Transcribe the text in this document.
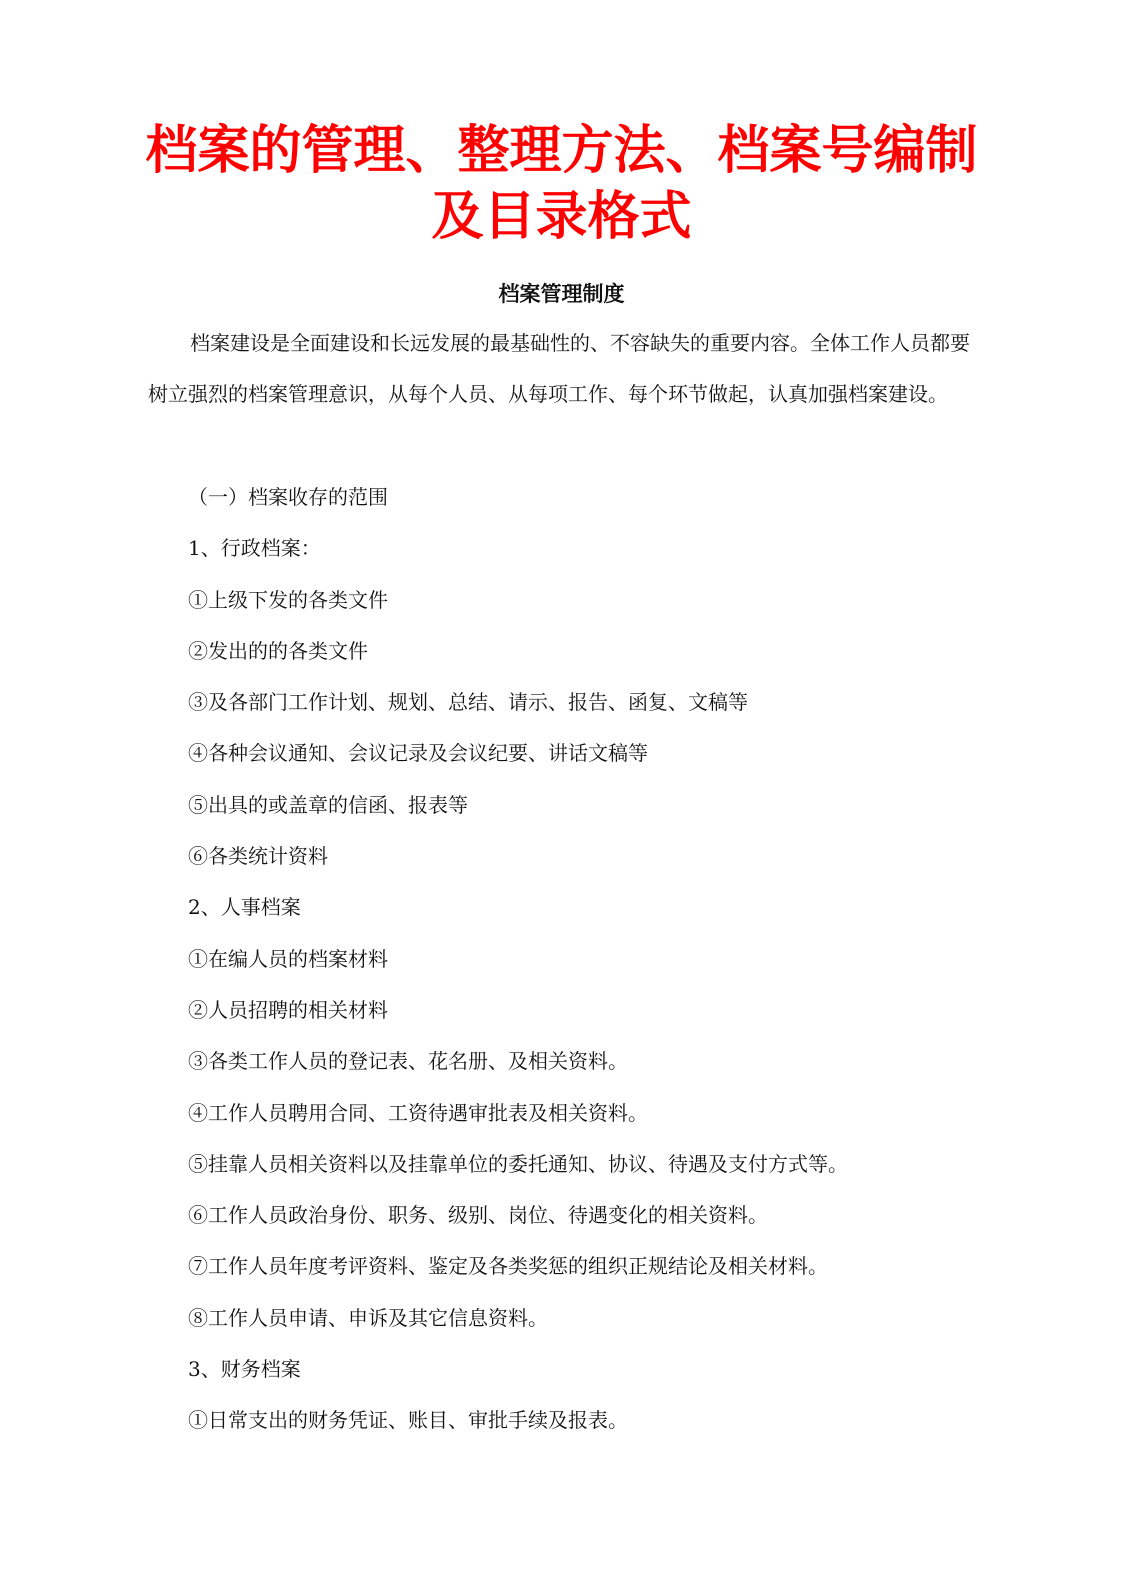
档案的管理、整理方法、档案号编制
及目录格式
档案管理制度

档案建设是全面建设和长远发展的最基础性的、不容缺失的重要内容。全体工作人员都要树立强烈的档案管理意识，从每个人员、从每项工作、每个环节做起，认真加强档案建设。

（一）档案收存的范围
1、行政档案：
①上级下发的各类文件
②发出的的各类文件
③及各部门工作计划、规划、总结、请示、报告、函复、文稿等
④各种会议通知、会议记录及会议纪要、讲话文稿等
⑤出具的或盖章的信函、报表等
⑥各类统计资料
2、人事档案
①在编人员的档案材料
②人员招聘的相关材料
③各类工作人员的登记表、花名册、及相关资料。
④工作人员聘用合同、工资待遇审批表及相关资料。
⑤挂靠人员相关资料以及挂靠单位的委托通知、协议、待遇及支付方式等。
⑥工作人员政治身份、职务、级别、岗位、待遇变化的相关资料。
⑦工作人员年度考评资料、鉴定及各类奖惩的组织正规结论及相关材料。
⑧工作人员申请、申诉及其它信息资料。
3、财务档案
①日常支出的财务凭证、账目、审批手续及报表。
